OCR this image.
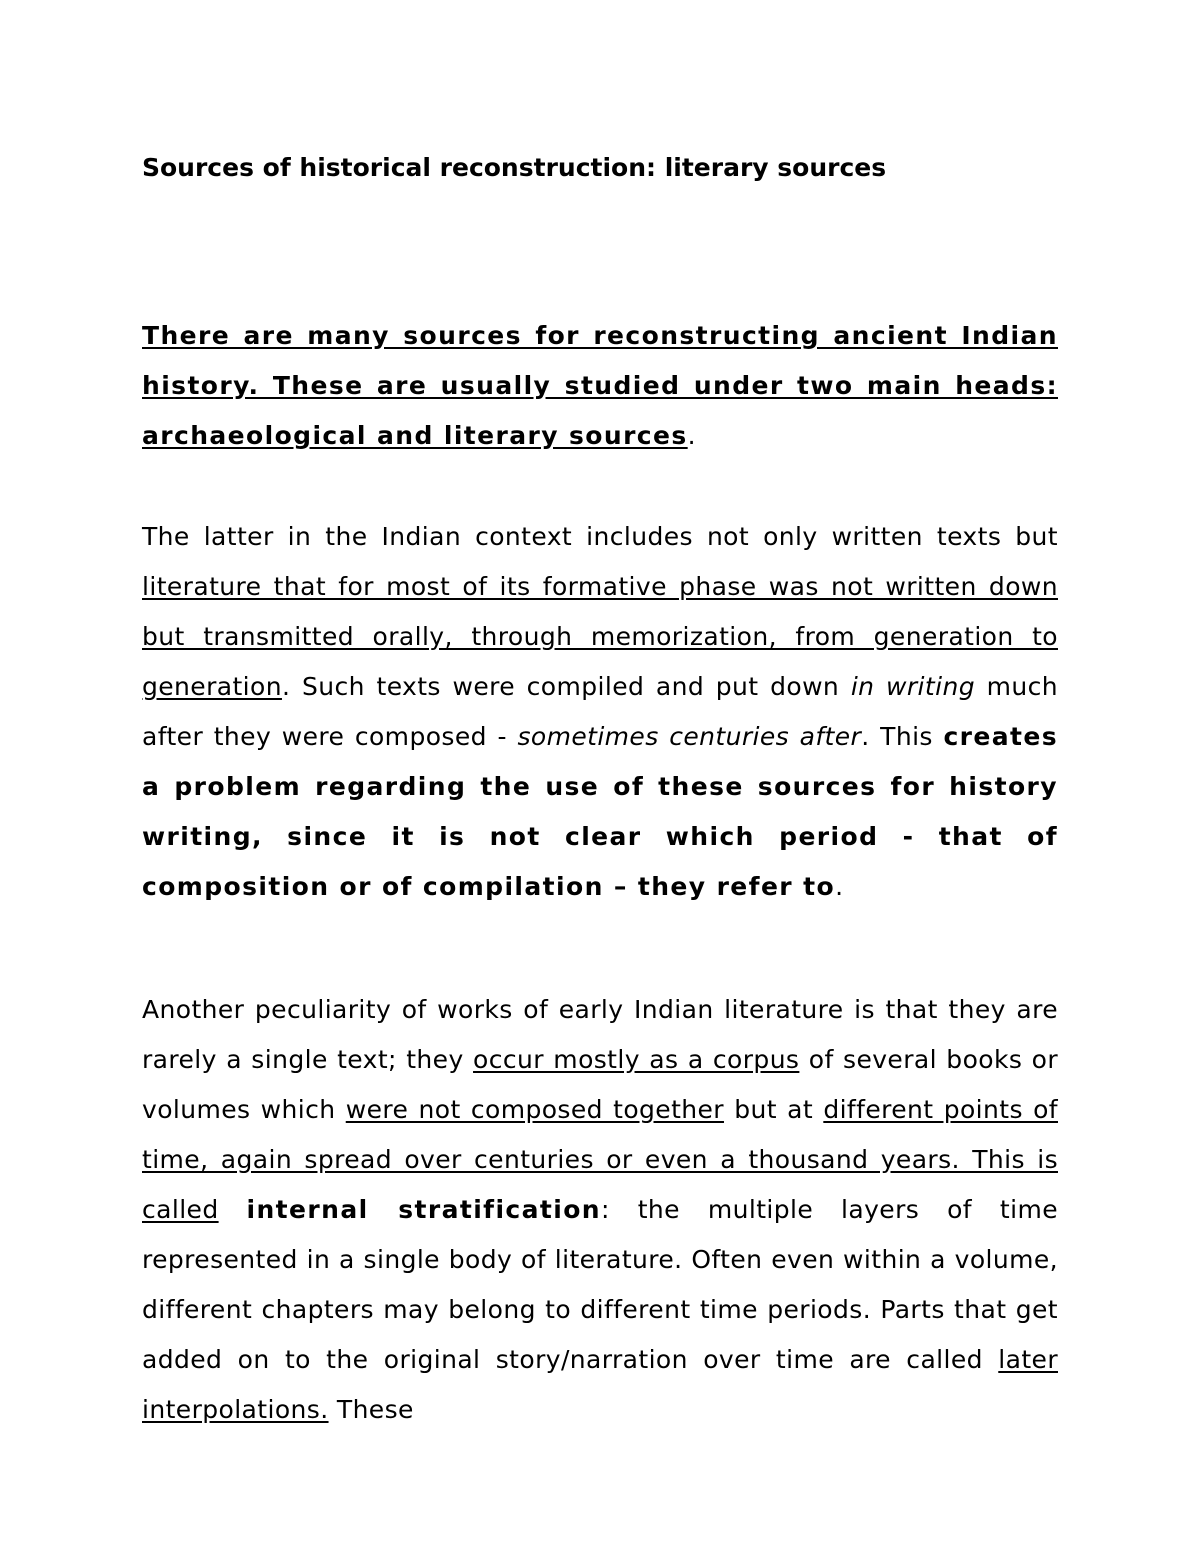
Sources of historical reconstruction: literary sources

There are many sources for reconstructing ancient Indian history. These are usually studied under two main heads: archaeological and literary sources.

The latter in the Indian context includes not only written texts but literature that for most of its formative phase was not written down but transmitted orally, through memorization, from generation to generation. Such texts were compiled and put down in writing much after they were composed - sometimes centuries after. This creates a problem regarding the use of these sources for history writing, since it is not clear which period - that of composition or of compilation – they refer to.

Another peculiarity of works of early Indian literature is that they are rarely a single text; they occur mostly as a corpus of several books or volumes which were not composed together but at different points of time, again spread over centuries or even a thousand years. This is called internal stratification: the multiple layers of time represented in a single body of literature. Often even within a volume, different chapters may belong to different time periods. Parts that get added on to the original story/narration over time are called later interpolations. These
